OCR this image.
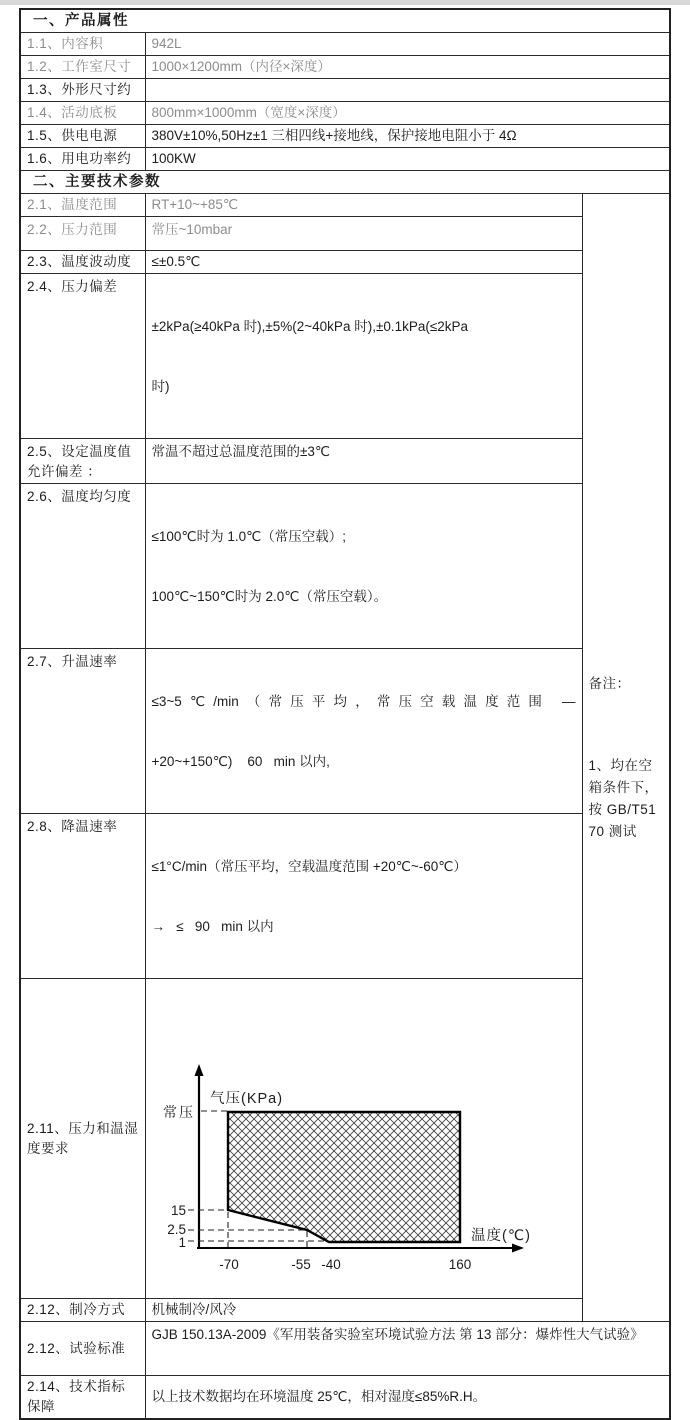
一、产品属性		
1.1、内容积	942L	
1.2、工作室尺寸	1000×1200mm（内径×深度）	
1.3、外形尺寸约		
1.4、活动底板	800mm×1000mm（宽度×深度）	
1.5、供电电源	380V±10%,50Hz±1 三相四线+接地线，保护接地电阻小于 4Ω	
1.6、用电功率约	100KW	
二、主要技术参数		
2.1、温度范围	RT+10~+85℃	备注：

1、均在空箱条件下，按 GB/T5170 测试

2.2、压力范围	常压~10mbar	
2.3、温度波动度	≤±0.5℃	
2.4、压力偏差	±2kPa(≥40kPa 时),±5%(2~40kPa 时),±0.1kPa(≤2kPa

时)	

2.5、设定温度值允许偏差 ：	常温不超过总温度范围的±3℃	
2.6、温度均匀度	≤100℃时为 1.0℃（常压空载）;

100℃~150℃时为 2.0℃（常压空载）。	

2.7、升温速率	≤3~5℃/min（常压平均，常压空载温度范围 —

+20~+150℃)    60   min 以内,	

2.8、降温速率	≤1°C/min（常压平均，空载温度范围 +20℃~-60℃）

→   ≤   90   min 以内	

2.11、压力和温湿度要求	

气压(KPa)
温度(℃)
常压
15
2.5
1
-70	-55 -40	160

2.12、制冷方式	机械制冷/风冷	
2.12、试验标准	GJB 150.13A-2009《军用装备实验室环境试验方法 第 13 部分：爆炸性大气试验》	
2.14、技术指标保障	以上技术数据均在环境温度 25℃，相对湿度≤85%R.H。	
